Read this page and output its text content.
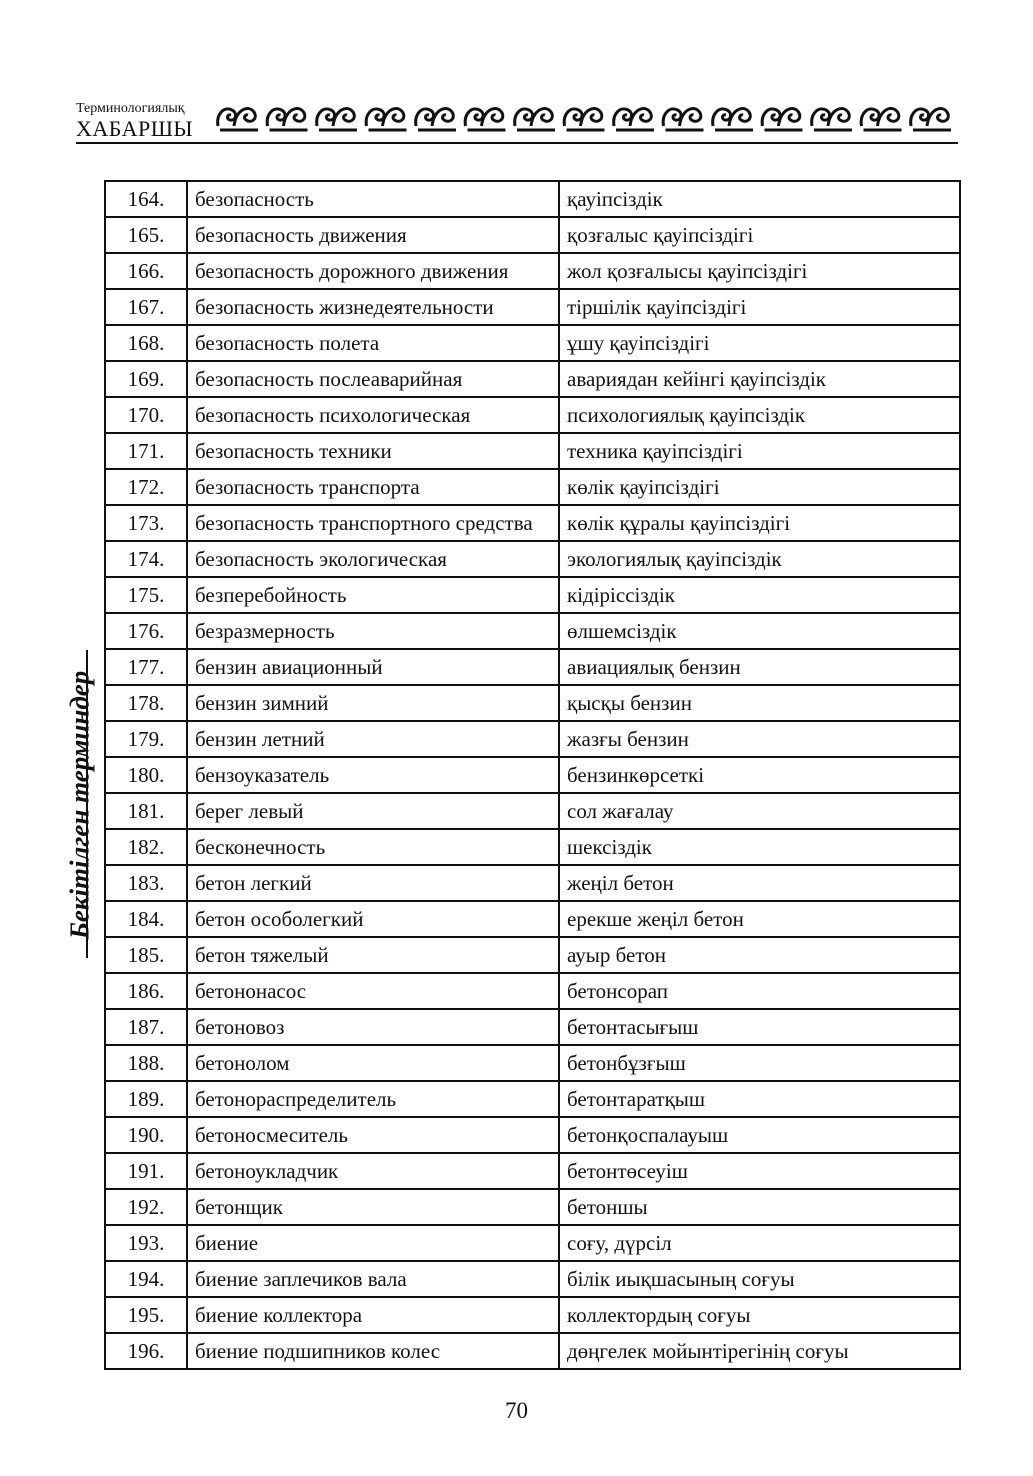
Терминологиялық
ХАБАРШЫ
Бекітілген терминдер
164.	безопасность	қауіпсіздік
165.	безопасность движения	қозғалыс қауіпсіздігі
166.	безопасность дорожного движения	жол қозғалысы қауіпсіздігі
167.	безопасность жизнедеятельности	тіршілік қауіпсіздігі
168.	безопасность полета	ұшу қауіпсіздігі
169.	безопасность послеаварийная	авариядан кейінгі қауіпсіздік
170.	безопасность психологическая	психологиялық қауіпсіздік
171.	безопасность техники	техника қауіпсіздігі
172.	безопасность транспорта	көлік қауіпсіздігі
173.	безопасность транспортного средства	көлік құралы қауіпсіздігі
174.	безопасность экологическая	экологиялық қауіпсіздік
175.	безперебойность	кідіріссіздік
176.	безразмерность	өлшемсіздік
177.	бензин авиационный	авиациялық бензин
178.	бензин зимний	қысқы бензин
179.	бензин летний	жазғы бензин
180.	бензоуказатель	бензинкөрсеткі
181.	берег левый	сол жағалау
182.	бесконечность	шексіздік
183.	бетон легкий	жеңіл бетон
184.	бетон особолегкий	ерекше жеңіл бетон
185.	бетон тяжелый	ауыр бетон
186.	бетононасос	бетонсорап
187.	бетоновоз	бетонтасығыш
188.	бетонолом	бетонбұзғыш
189.	бетонораспределитель	бетонтаратқыш
190.	бетоносмеситель	бетонқоспалауыш
191.	бетоноукладчик	бетонтөсеуіш
192.	бетонщик	бетоншы
193.	биение	соғу, дүрсіл
194.	биение заплечиков вала	білік иықшасының соғуы
195.	биение коллектора	коллектордың соғуы
196.	биение подшипников колес	дөңгелек мойынтірегінің соғуы
70
